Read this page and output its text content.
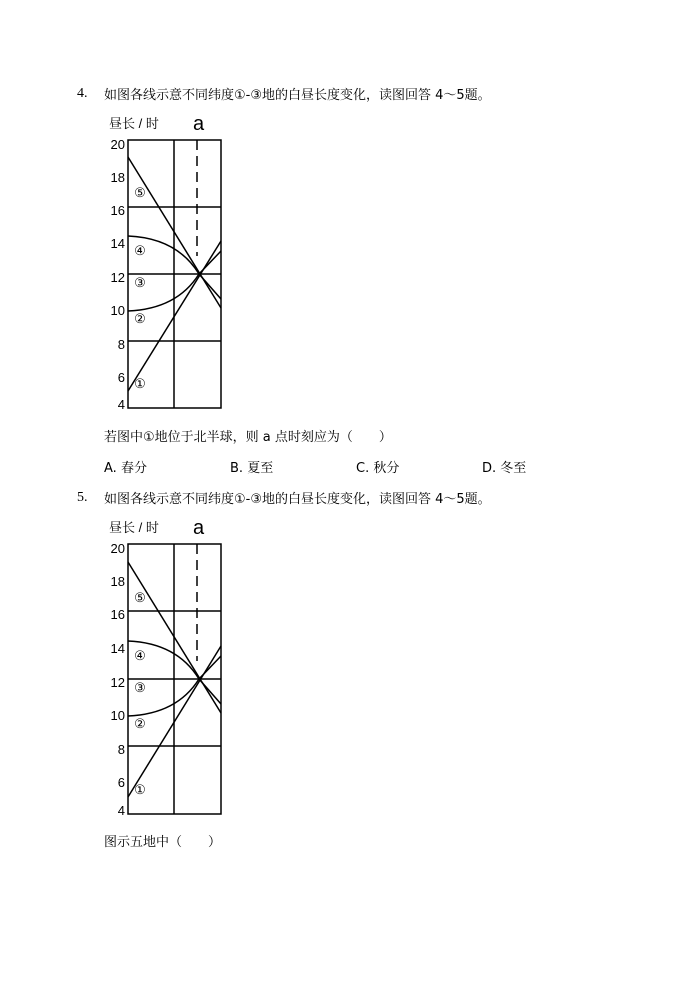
4. 如图各线示意不同纬度①-③地的白昼长度变化，读图回答 4～5题。
昼长 / 时 a
20
18
16
14
12
10
8
6
4
⑤
④
③
②
①
若图中①地位于北半球，则 a 点时刻应为（　　）
A. 春分	B. 夏至	C. 秋分	D. 冬至
5. 如图各线示意不同纬度①-③地的白昼长度变化，读图回答 4～5题。
昼长 / 时 a
20
18
16
14
12
10
8
6
4
⑤
④
③
②
①
图示五地中（　　）
